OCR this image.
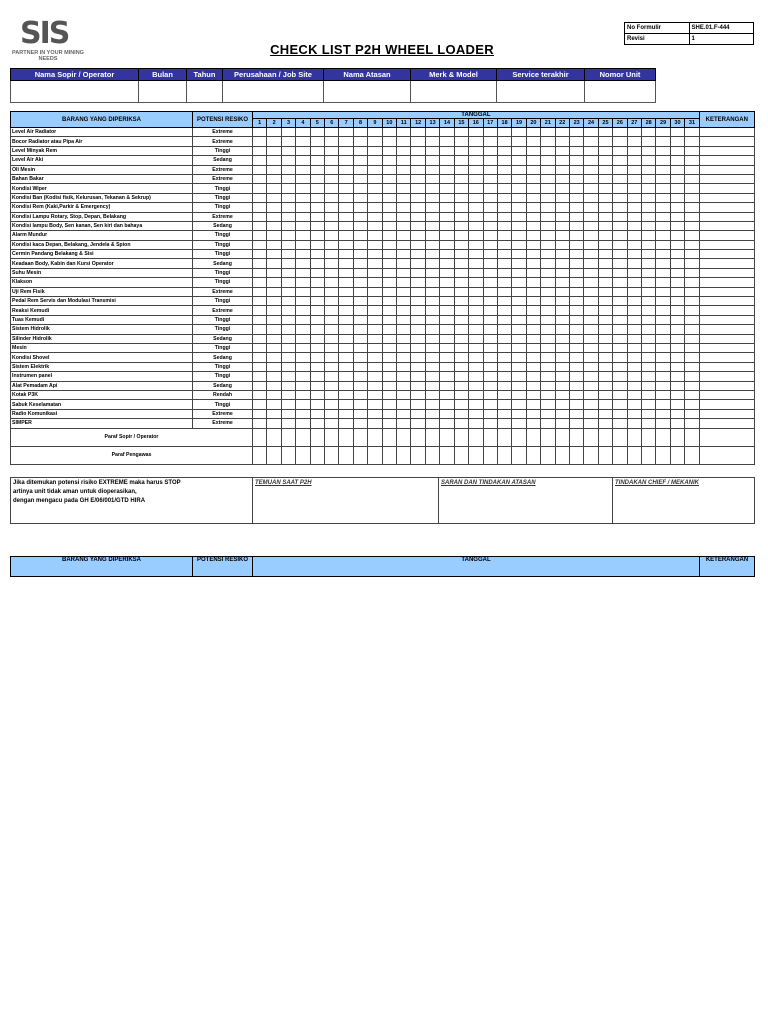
SIS
PARTNER IN YOUR MINING NEEDS
CHECK LIST P2H WHEEL LOADER
No Formulir	SHE.01.F-444
Revisi	1
Nama Sopir / Operator	Bulan	Tahun	Perusahaan / Job Site	Nama Atasan	Merk & Model	Service terakhir	Nomor Unit

BARANG YANG DIPERIKSA	POTENSI RESIKO	TANGGAL																															KETERANGAN
		1	2	3	4	5	6	7	8	9	10	11	12	13	14	15	16	17	18	19	20	21	22	23	24	25	26	27	28	29	30	31	
Level Air Radiator	Extreme																																
Bocor Radiator atau Pipa Air	Extreme																																
Level Minyak Rem	Tinggi																																
Level Air Aki	Sedang																																
Oli Mesin	Extreme																																
Bahan Bakar	Extreme																																
Kondisi Wiper	Tinggi																																
Kondisi Ban (Kodisi fisik, Kelurusan, Tekanan & Sekrup)	Tinggi																																
Kondisi Rem (Kaki,Parkir & Emergency)	Tinggi																																
Kondisi Lampu Rotary, Stop, Depan, Belakang	Extreme																																
Kondisi lampu Body, Sen kanan, Sen kiri dan bahaya	Sedang																																
Alarm Mundur	Tinggi																																
Kondisi kaca Depan, Belakang, Jendela & Spion	Tinggi																																
Cermin Pandang Belakang & Sisi	Tinggi																																
Keadaan Body, Kabin dan Kursi Operator	Sedang																																
Suhu Mesin	Tinggi																																
Klakson	Tinggi																																
Uji Rem Fisik	Extreme																																
Pedal Rem Servis dan Modulasi Transmisi	Tinggi																																
Reaksi Kemudi	Extreme																																
Tuas Kemudi	Tinggi																																
Sistem Hidrolik	Tinggi																																
Silinder Hidrolik	Sedang																																
Mesin	Tinggi																																
Kondisi Shovel	Sedang																																
Sistem Elektrik	Tinggi																																
Instrumen panel	Tinggi																																
Alat Pemadam Api	Sedang																																
Kotak P3K	Rendah																																
Sabuk Keselamatan	Tinggi																																
Radio Komunikasi	Extreme																																
SIMPER	Extreme																																
Paraf Sopir / Operator																																	
Paraf Pengawas																																	
Jika ditemukan potensi risiko EXTREME maka harus STOP
artinya unit tidak aman untuk dioperasikan,
dengan mengacu pada GH E/06/001/GTD HIRA
	TEMUAN SAAT P2H	SARAN DAN TINDAKAN ATASAN	TINDAKAN CHIEF / MEKANIK
BARANG YANG DIPERIKSA	POTENSI RESIKO	TANGGAL	KETERANGAN
